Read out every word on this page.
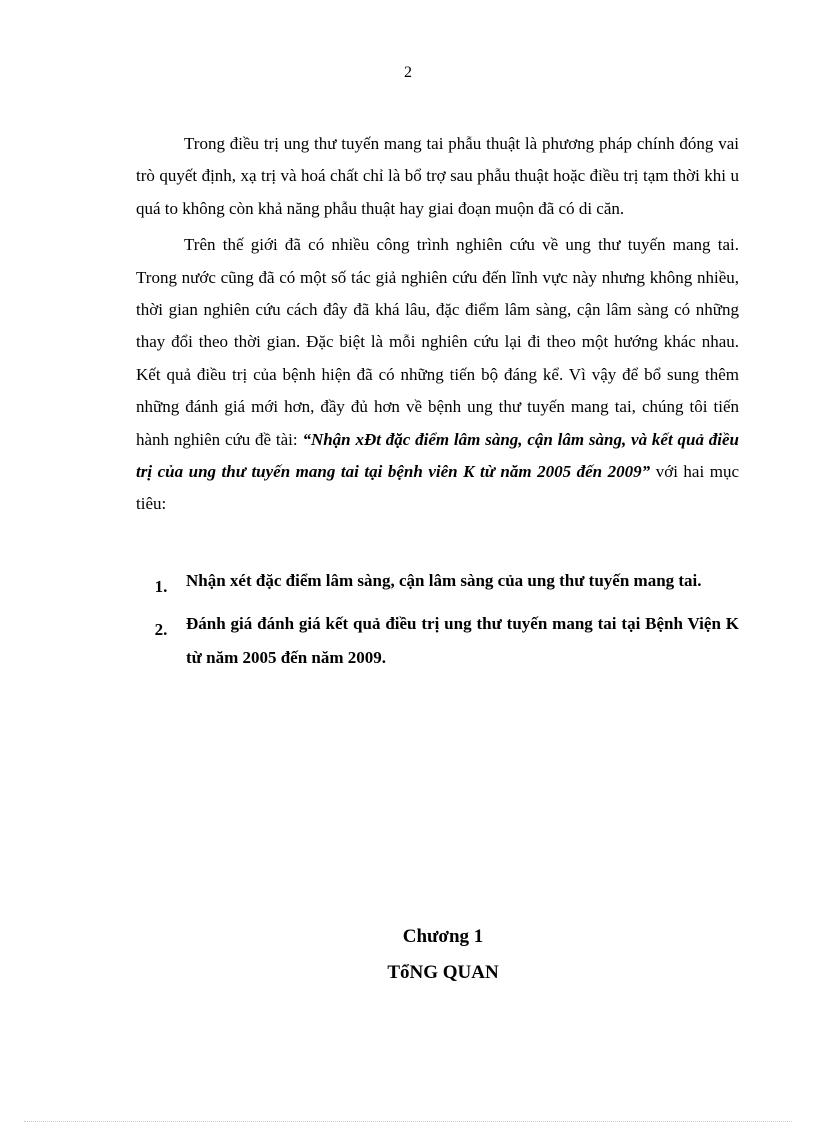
2

Trong điều trị ung thư tuyến mang tai phẫu thuật là phương pháp chính đóng vai trò quyết định, xạ trị và hoá chất chỉ là bổ trợ sau phẫu thuật hoặc điều trị tạm thời khi u quá to không còn khả năng phẫu thuật hay giai đoạn muộn đã có di căn.

Trên thế giới đã có nhiều công trình nghiên cứu về ung thư tuyến mang tai. Trong nước cũng đã có một số tác giả nghiên cứu đến lĩnh vực này nhưng không nhiều, thời gian nghiên cứu cách đây đã khá lâu, đặc điểm lâm sàng, cận lâm sàng có những thay đổi theo thời gian. Đặc biệt là mỗi nghiên cứu lại đi theo một hướng khác nhau. Kết quả điều trị của bệnh hiện đã có những tiến bộ đáng kể. Vì vậy để bổ sung thêm những đánh giá mới hơn, đầy đủ hơn về bệnh ung thư tuyến mang tai, chúng tôi tiến hành nghiên cứu đề tài: “Nhận xĐt đặc điểm lâm sàng, cận lâm sàng, và kết quả điều trị của ung thư tuyến mang tai tại bệnh viên K từ năm 2005 đến 2009” với hai mục tiêu:

1.	Nhận xét đặc điểm lâm sàng, cận lâm sàng của ung thư tuyến mang tai.
2.	Đánh giá đánh giá kết quả điều trị ung thư tuyến mang tai tại Bệnh Viện K từ năm 2005 đến năm 2009.
Chương 1
TổNG QUAN
